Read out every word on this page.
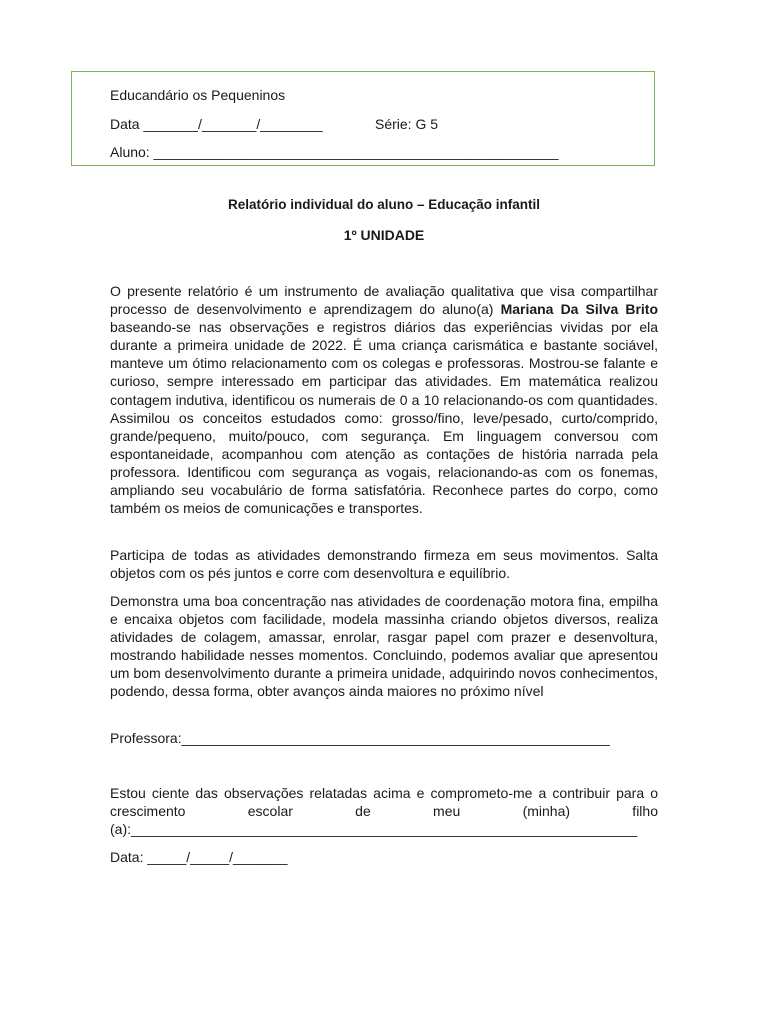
Educandário os Pequeninos
Data _______/_______/________	Série: G 5
Aluno: ____________________________________________________
Relatório individual do aluno – Educação infantil
1º UNIDADE

O presente relatório é um instrumento de avaliação qualitativa que visa compartilhar processo de desenvolvimento e aprendizagem do aluno(a) Mariana Da Silva Brito baseando-se nas observações e registros diários das experiências vividas por ela durante a primeira unidade de 2022. É uma criança carismática e bastante sociável, manteve um ótimo relacionamento com os colegas e professoras. Mostrou-se falante e curioso, sempre interessado em participar das atividades. Em matemática realizou contagem indutiva, identificou os numerais de 0 a 10 relacionando-os com quantidades. Assimilou os conceitos estudados como: grosso/fino, leve/pesado, curto/comprido, grande/pequeno, muito/pouco, com segurança. Em linguagem conversou com espontaneidade, acompanhou com atenção as contações de história narrada pela professora. Identificou com segurança as vogais, relacionando-as com os fonemas, ampliando seu vocabulário de forma satisfatória. Reconhece partes do corpo, como também os meios de comunicações e transportes.

Participa de todas as atividades demonstrando firmeza em seus movimentos. Salta objetos com os pés juntos e corre com desenvoltura e equilíbrio.

Demonstra uma boa concentração nas atividades de coordenação motora fina, empilha e encaixa objetos com facilidade, modela massinha criando objetos diversos, realiza atividades de colagem, amassar, enrolar, rasgar papel com prazer e desenvoltura, mostrando habilidade nesses momentos. Concluindo, podemos avaliar que apresentou um bom desenvolvimento durante a primeira unidade, adquirindo novos conhecimentos, podendo, dessa forma, obter avanços ainda maiores no próximo nível

Professora:_______________________________________________________

Estou ciente das observações relatadas acima e comprometo-me a contribuir para o crescimento escolar de meu (minha) filho (a):_________________________________________________________________

Data: _____/_____/_______
